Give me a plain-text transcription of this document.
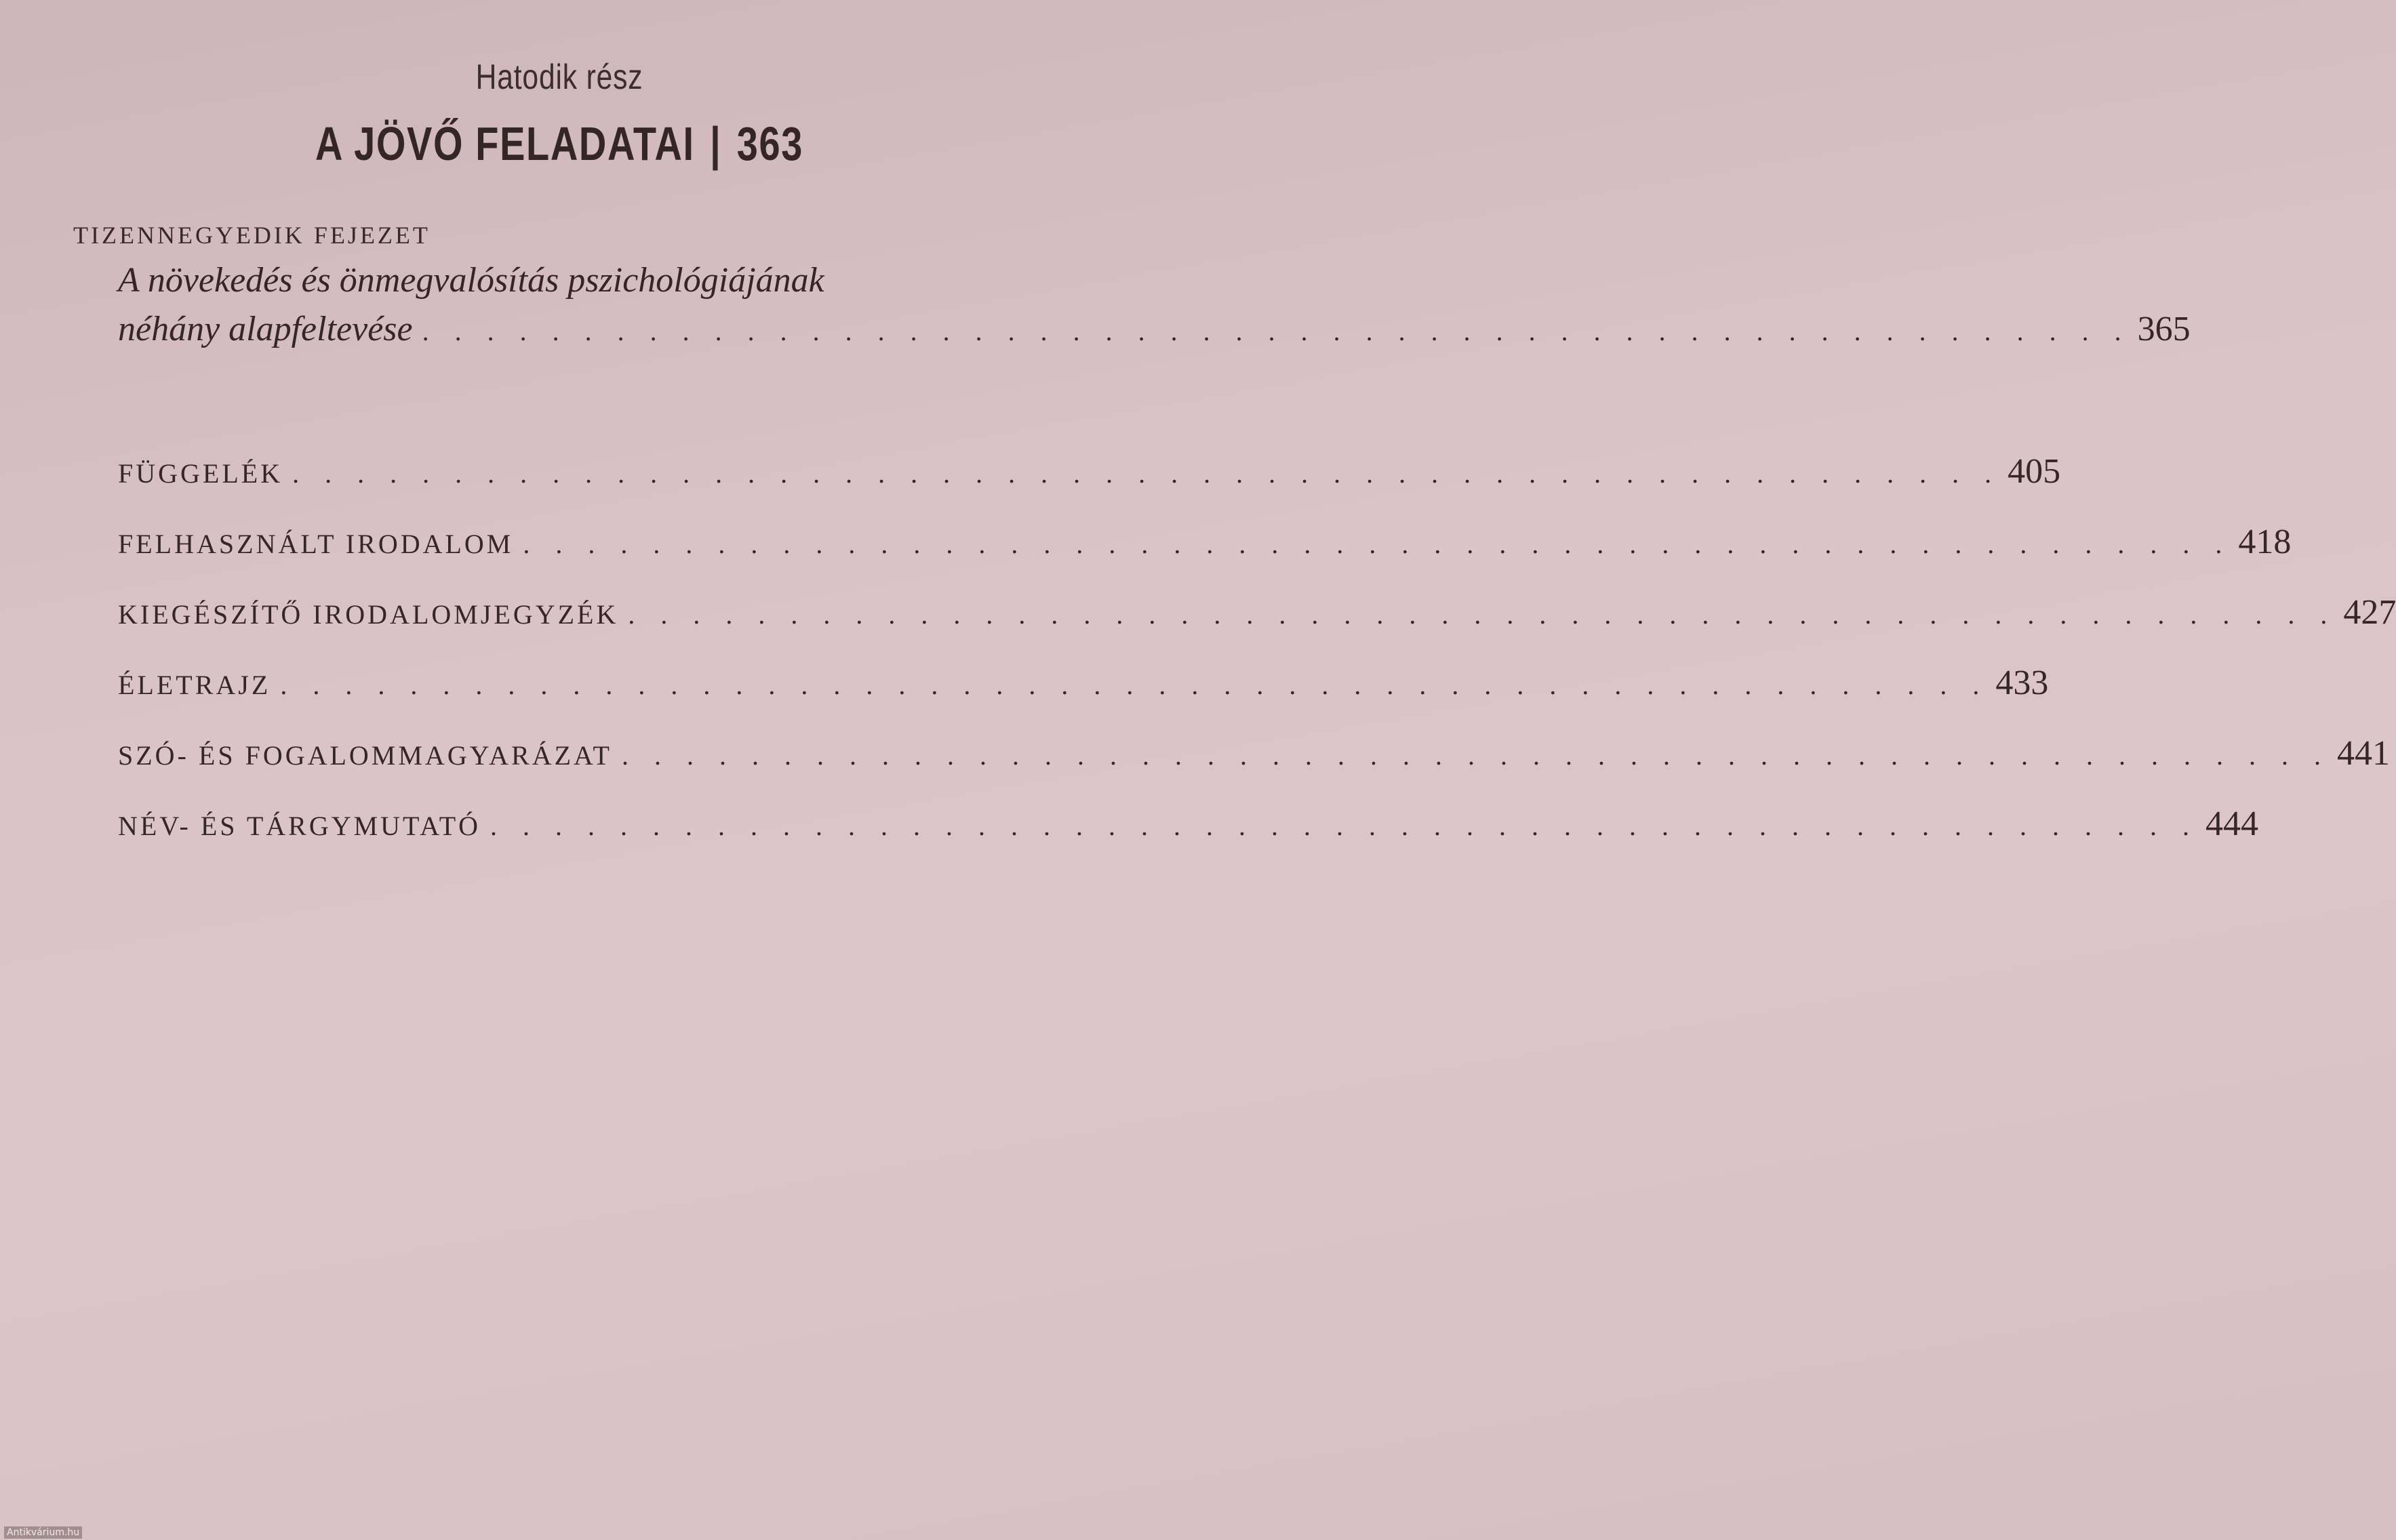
Hatodik rész
A JÖVŐ FELADATAI | 363
TIZENNEGYEDIK FEJEZET
A növekedés és önmegvalósítás pszichológiájának
néhány alapfeltevése . . . . . . . . . . . . . . . . . . . . . . . . . . . . . . . . . . . . . . . . . . . . . . . . . . . . . 365
FÜGGELÉK . . . . . . . . . . . . . . . . . . . . . . . . . . . . . . . . . . . . . . . . . . . . . . . . . . . . . 405
FELHASZNÁLT IRODALOM . . . . . . . . . . . . . . . . . . . . . . . . . . . . . . . . . . . . . . . . . . . . . . . . . . . . . 418
KIEGÉSZÍTŐ IRODALOMJEGYZÉK . . . . . . . . . . . . . . . . . . . . . . . . . . . . . . . . . . . . . . . . . . . . . . . . . . . . . 427
ÉLETRAJZ . . . . . . . . . . . . . . . . . . . . . . . . . . . . . . . . . . . . . . . . . . . . . . . . . . . . . 433
SZÓ- ÉS FOGALOMMAGYARÁZAT . . . . . . . . . . . . . . . . . . . . . . . . . . . . . . . . . . . . . . . . . . . . . . . . . . . . . 441
NÉV- ÉS TÁRGYMUTATÓ . . . . . . . . . . . . . . . . . . . . . . . . . . . . . . . . . . . . . . . . . . . . . . . . . . . . . 444
Antikvárium.hu
